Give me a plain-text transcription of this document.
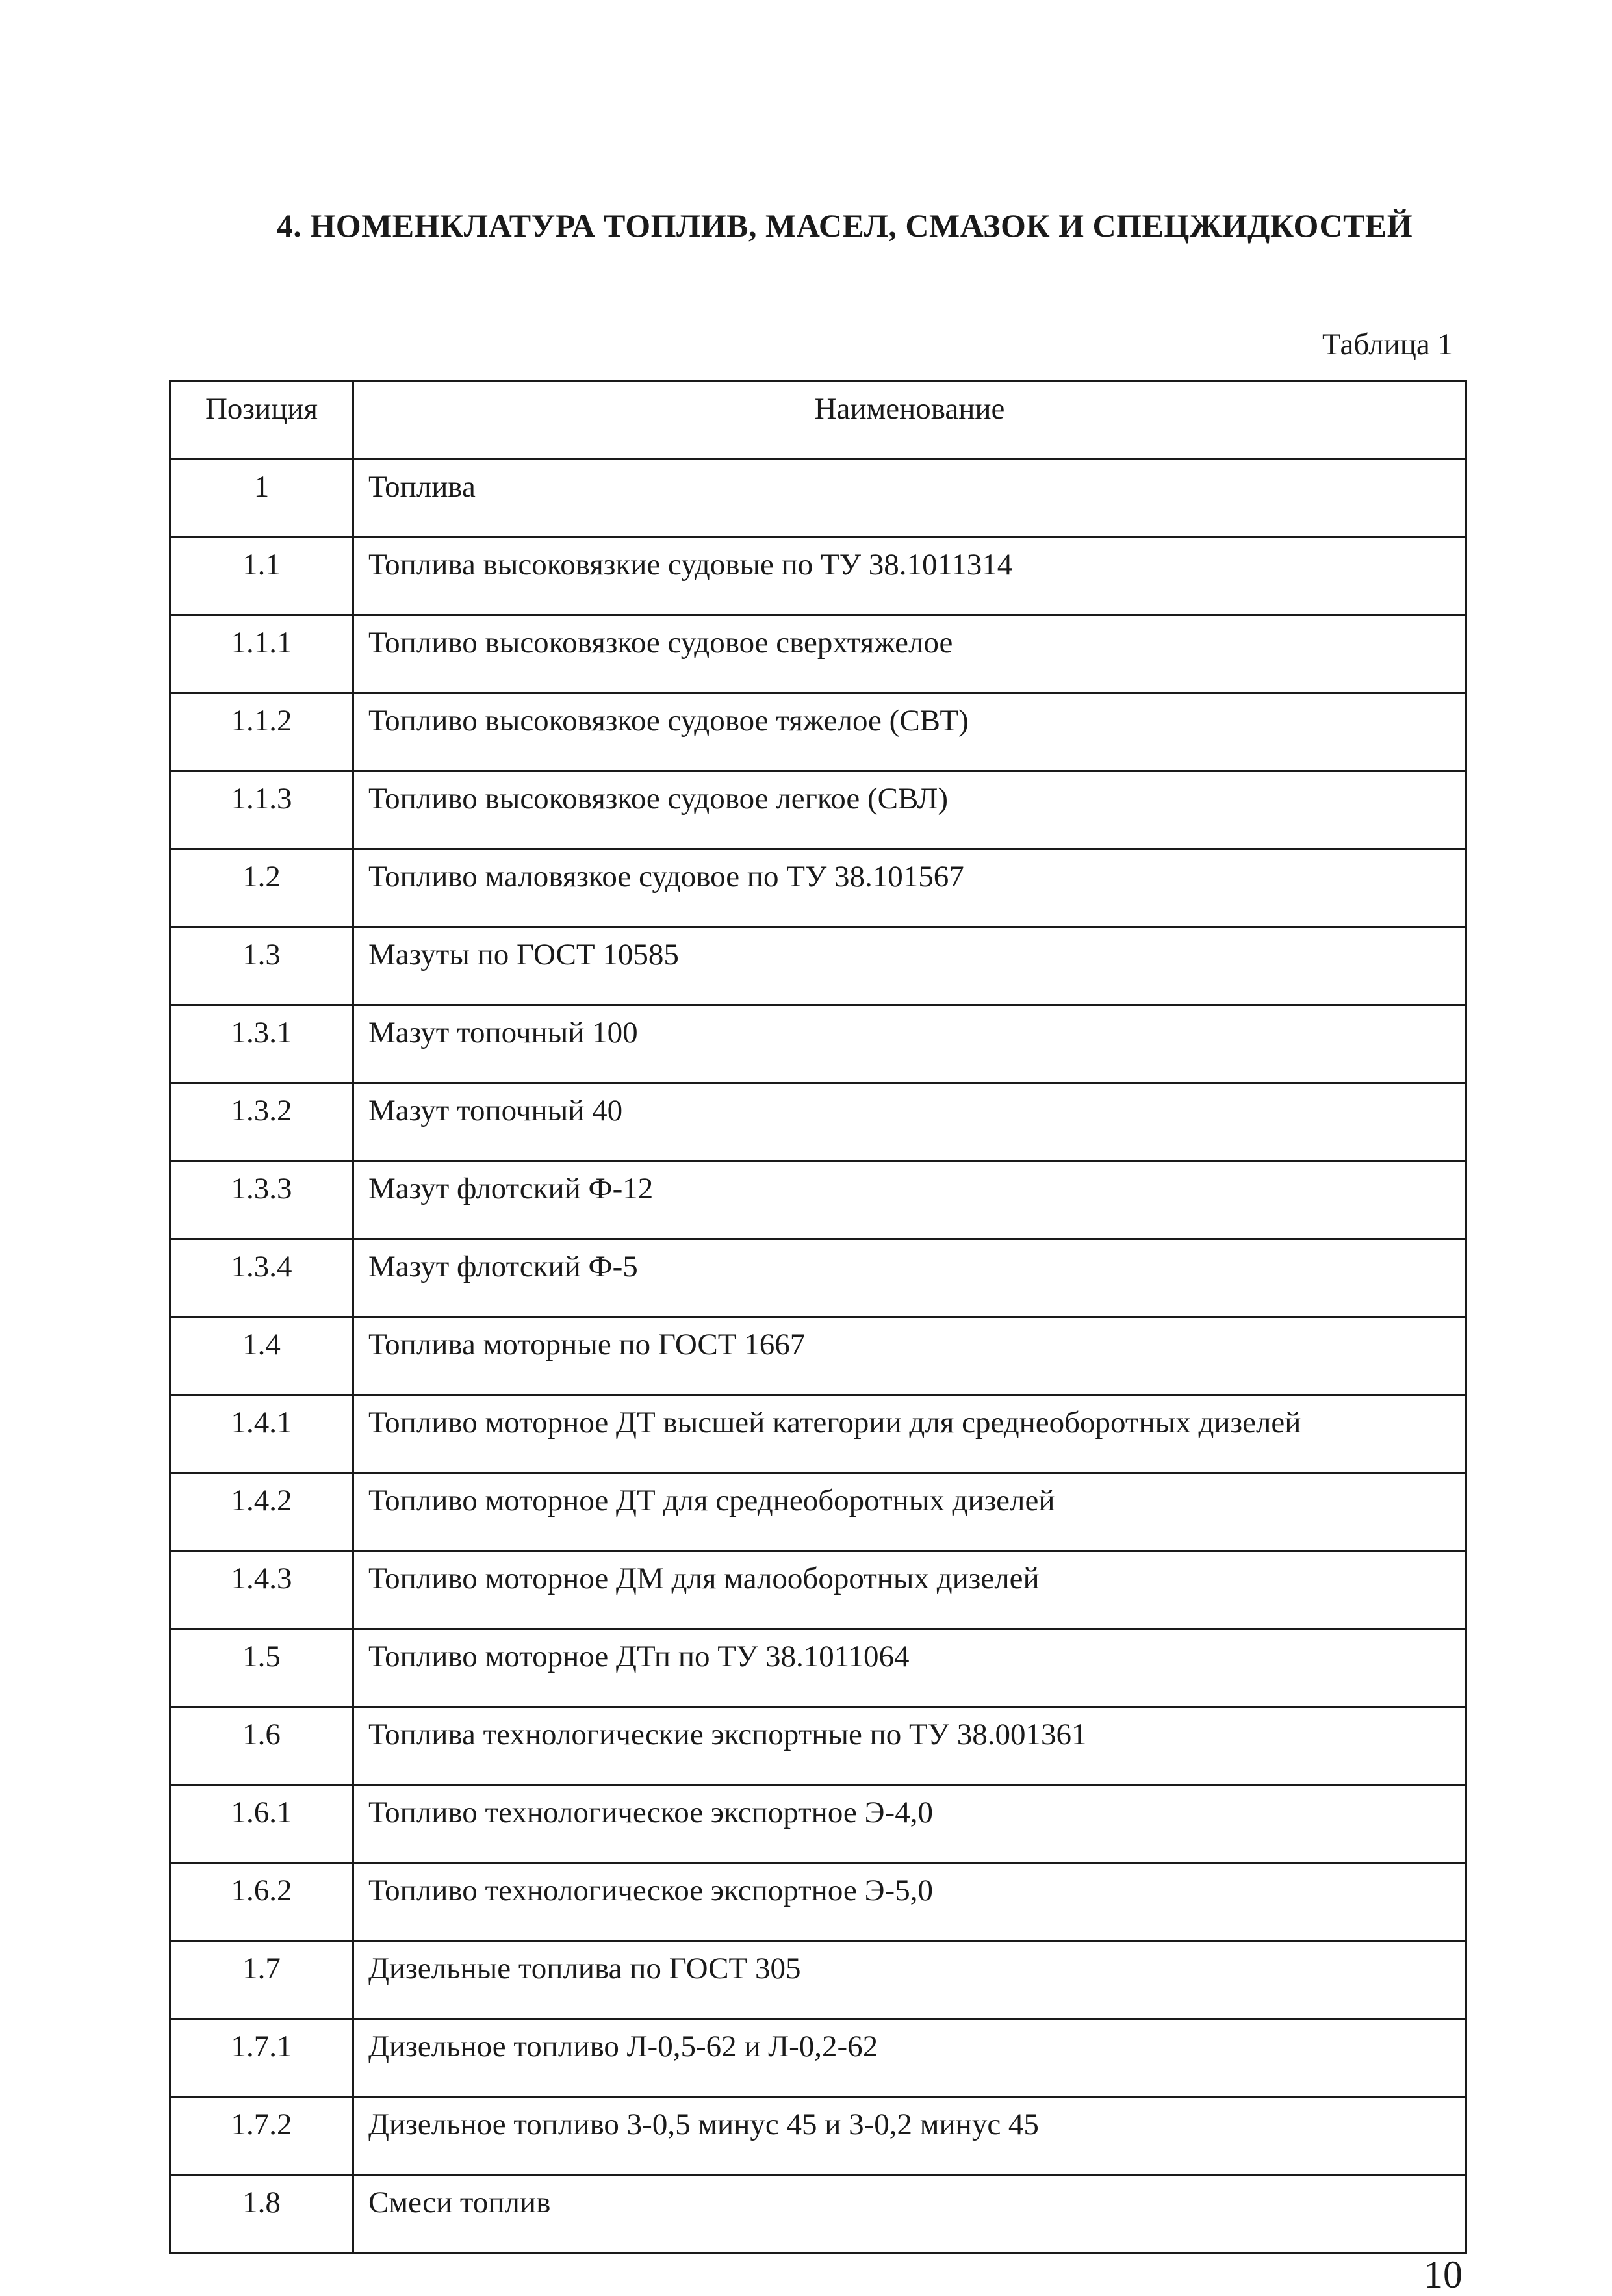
4. НОМЕНКЛАТУРА ТОПЛИВ, МАСЕЛ, СМАЗОК И СПЕЦЖИДКОСТЕЙ
Таблица 1
Позиция	Наименование
1	Топлива
1.1	Топлива высоковязкие судовые по ТУ 38.1011314
1.1.1	Топливо высоковязкое судовое сверхтяжелое
1.1.2	Топливо высоковязкое судовое тяжелое (СВТ)
1.1.3	Топливо высоковязкое судовое легкое (СВЛ)
1.2	Топливо маловязкое судовое по ТУ 38.101567
1.3	Мазуты по ГОСТ 10585
1.3.1	Мазут топочный 100
1.3.2	Мазут топочный 40
1.3.3	Мазут флотский Ф-12
1.3.4	Мазут флотский Ф-5
1.4	Топлива моторные по ГОСТ 1667
1.4.1	Топливо моторное ДТ высшей категории для среднеоборотных дизелей
1.4.2	Топливо моторное ДТ для среднеоборотных дизелей
1.4.3	Топливо моторное ДМ для малооборотных дизелей
1.5	Топливо моторное ДТп по ТУ 38.1011064
1.6	Топлива технологические экспортные по ТУ 38.001361
1.6.1	Топливо технологическое экспортное Э-4,0
1.6.2	Топливо технологическое экспортное Э-5,0
1.7	Дизельные топлива по ГОСТ 305
1.7.1	Дизельное топливо Л-0,5-62 и Л-0,2-62
1.7.2	Дизельное топливо 3-0,5 минус 45 и 3-0,2 минус 45
1.8	Смеси топлив
10
